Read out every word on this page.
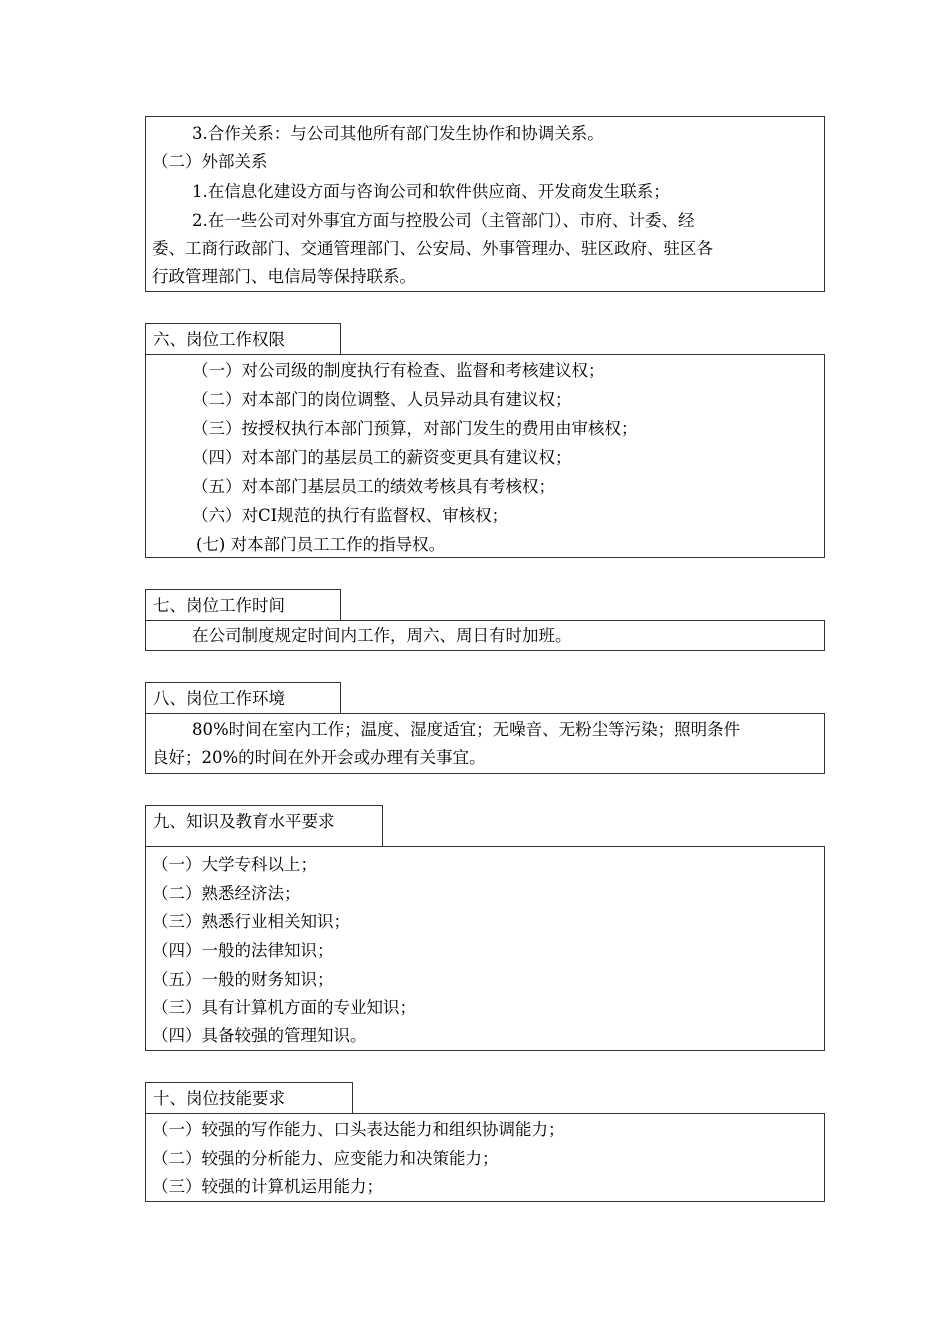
3.合作关系：与公司其他所有部门发生协作和协调关系。
（二）外部关系
1.在信息化建设方面与咨询公司和软件供应商、开发商发生联系；
2.在一些公司对外事宜方面与控股公司（主管部门）、市府、计委、经
委、工商行政部门、交通管理部门、公安局、外事管理办、驻区政府、驻区各
行政管理部门、电信局等保持联系。
六、岗位工作权限
（一）对公司级的制度执行有检查、监督和考核建议权；
（二）对本部门的岗位调整、人员异动具有建议权；
（三）按授权执行本部门预算，对部门发生的费用由审核权；
（四）对本部门的基层员工的薪资变更具有建议权；
（五）对本部门基层员工的绩效考核具有考核权；
（六）对CI规范的执行有监督权、审核权；
(七) 对本部门员工工作的指导权。
七、岗位工作时间
在公司制度规定时间内工作，周六、周日有时加班。
八、岗位工作环境
80%时间在室内工作；温度、湿度适宜；无噪音、无粉尘等污染；照明条件
良好；20%的时间在外开会或办理有关事宜。
九、知识及教育水平要求
（一）大学专科以上；
（二）熟悉经济法；
（三）熟悉行业相关知识；
（四）一般的法律知识；
（五）一般的财务知识；
（三）具有计算机方面的专业知识；
（四）具备较强的管理知识。
十、岗位技能要求
（一）较强的写作能力、口头表达能力和组织协调能力；
（二）较强的分析能力、应变能力和决策能力；
（三）较强的计算机运用能力；
